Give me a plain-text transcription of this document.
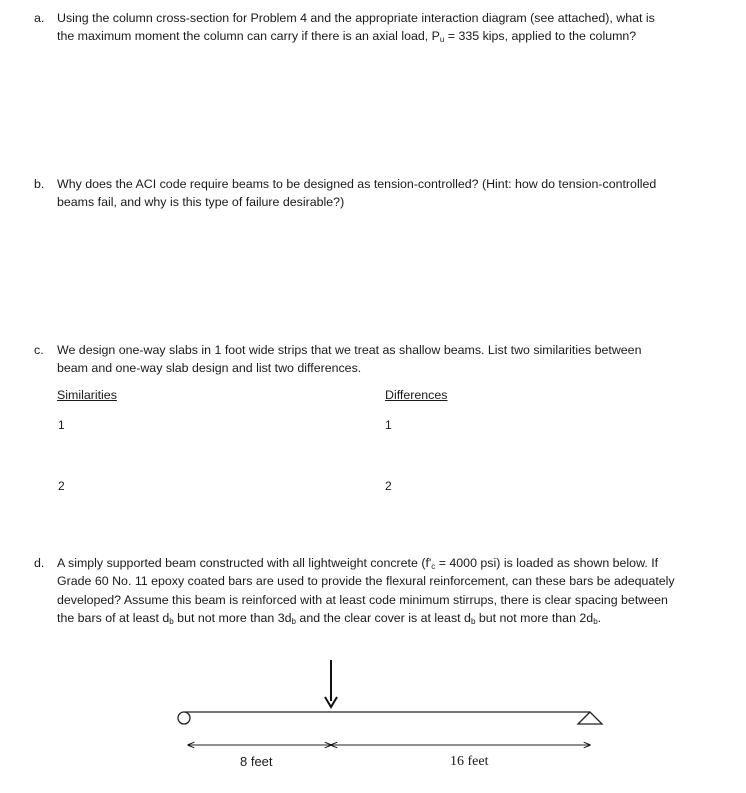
a.	Using the column cross-section for Problem 4 and the appropriate interaction diagram (see attached), what is
the maximum moment the column can carry if there is an axial load, $P_u = 335$ kips, applied to the column?
b.	Why does the ACI code require beams to be designed as tension-controlled? (Hint: how do tension-controlled
beams fail, and why is this type of failure desirable?)
c.	We design one-way slabs in 1 foot wide strips that we treat as shallow beams. List two similarities between
beam and one-way slab design and list two differences.
Similarities	Differences
1	1
2	2
d.	A simply supported beam constructed with all lightweight concrete ($f'_c = 4000$ psi) is loaded as shown below. If
Grade 60 No. 11 epoxy coated bars are used to provide the flexural reinforcement, can these bars be adequately
developed? Assume this beam is reinforced with at least code minimum stirrups, there is clear spacing between
the bars of at least $d_b$ but not more than $3d_b$ and the clear cover is at least $d_b$ but not more than $2d_b$.
8 feet	16 feet
